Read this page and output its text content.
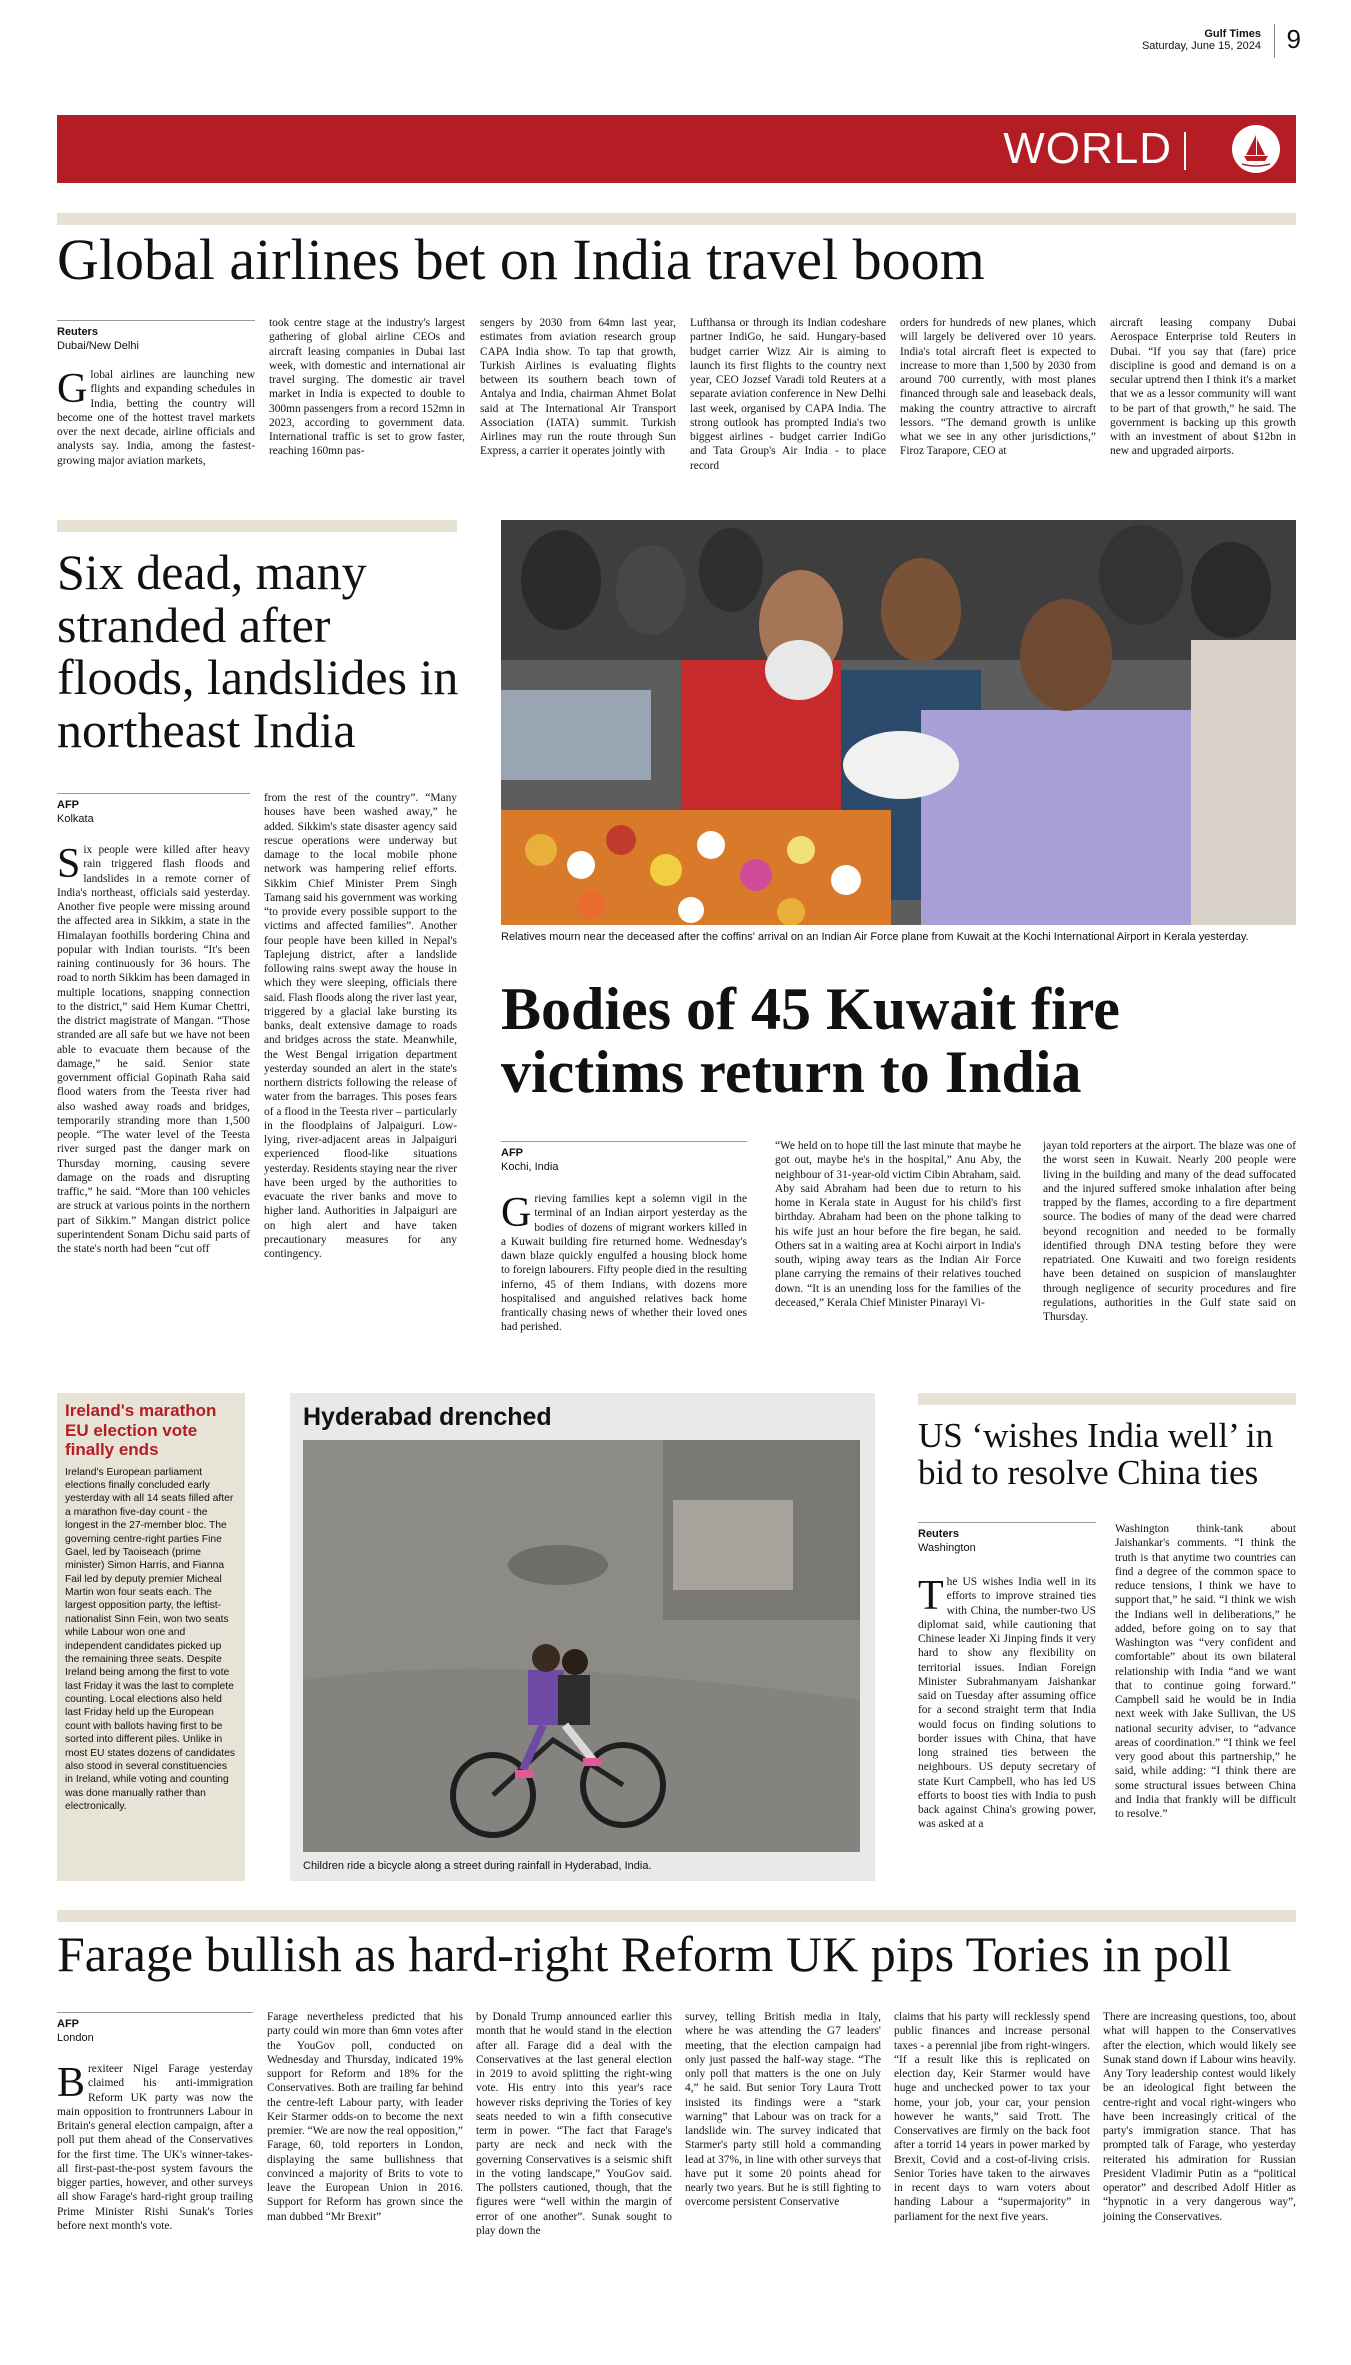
Gulf Times
Saturday, June 15, 2024 9
WORLD
Global airlines bet on India travel boom
Reuters
Dubai/New Delhi
Global airlines are launching new flights and expanding schedules in India, betting the country will become one of the hottest travel markets over the next decade, airline officials and analysts say. India, among the fastest-growing major aviation markets,
took centre stage at the industry's largest gathering of global airline CEOs and aircraft leasing companies in Dubai last week, with domestic and international air travel surging. The domestic air travel market in India is expected to double to 300mn passengers from a record 152mn in 2023, according to government data. International traffic is set to grow faster, reaching 160mn pas-
sengers by 2030 from 64mn last year, estimates from aviation research group CAPA India show. To tap that growth, Turkish Airlines is evaluating flights between its southern beach town of Antalya and India, chairman Ahmet Bolat said at The International Air Transport Association (IATA) summit. Turkish Airlines may run the route through Sun Express, a carrier it operates jointly with
Lufthansa or through its Indian codeshare partner IndiGo, he said. Hungary-based budget carrier Wizz Air is aiming to launch its first flights to the country next year, CEO Jozsef Varadi told Reuters at a separate aviation conference in New Delhi last week, organised by CAPA India. The strong outlook has prompted India's two biggest airlines - budget carrier IndiGo and Tata Group's Air India - to place record
orders for hundreds of new planes, which will largely be delivered over 10 years. India's total aircraft fleet is expected to increase to more than 1,500 by 2030 from around 700 currently, with most planes financed through sale and leaseback deals, making the country attractive to aircraft lessors. “The demand growth is unlike what we see in any other jurisdictions,” Firoz Tarapore, CEO at
aircraft leasing company Dubai Aerospace Enterprise told Reuters in Dubai. “If you say that (fare) price discipline is good and demand is on a secular uptrend then I think it's a market that we as a lessor community will want to be part of that growth,” he said. The government is backing up this growth with an investment of about $12bn in new and upgraded airports.
Six dead, many stranded after floods, landslides in northeast India
AFP
Kolkata
Six people were killed after heavy rain triggered flash floods and landslides in a remote corner of India's northeast, officials said yesterday. Another five people were missing around the affected area in Sikkim, a state in the Himalayan foothills bordering China and popular with Indian tourists. “It's been raining continuously for 36 hours. The road to north Sikkim has been damaged in multiple locations, snapping connection to the district,” said Hem Kumar Chettri, the district magistrate of Mangan. “Those stranded are all safe but we have not been able to evacuate them because of the damage,” he said. Senior state government official Gopinath Raha said flood waters from the Teesta river had also washed away roads and bridges, temporarily stranding more than 1,500 people. “The water level of the Teesta river surged past the danger mark on Thursday morning, causing severe damage on the roads and disrupting traffic,” he said. “More than 100 vehicles are struck at various points in the northern part of Sikkim.” Mangan district police superintendent Sonam Dichu said parts of the state's north had been “cut off
from the rest of the country”. “Many houses have been washed away,” he added. Sikkim's state disaster agency said rescue operations were underway but damage to the local mobile phone network was hampering relief efforts. Sikkim Chief Minister Prem Singh Tamang said his government was working “to provide every possible support to the victims and affected families”. Another four people have been killed in Nepal's Taplejung district, after a landslide following rains swept away the house in which they were sleeping, officials there said. Flash floods along the river last year, triggered by a glacial lake bursting its banks, dealt extensive damage to roads and bridges across the state. Meanwhile, the West Bengal irrigation department yesterday sounded an alert in the state's northern districts following the release of water from the barrages. This poses fears of a flood in the Teesta river – particularly in the floodplains of Jalpaiguri. Low-lying, river-adjacent areas in Jalpaiguri experienced flood-like situations yesterday. Residents staying near the river have been urged by the authorities to evacuate the river banks and move to higher land. Authorities in Jalpaiguri are on high alert and have taken precautionary measures for any contingency.
Relatives mourn near the deceased after the coffins' arrival on an Indian Air Force plane from Kuwait at the Kochi International Airport in Kerala yesterday.
Bodies of 45 Kuwait fire victims return to India
AFP
Kochi, India
Grieving families kept a solemn vigil in the terminal of an Indian airport yesterday as the bodies of dozens of migrant workers killed in a Kuwait building fire returned home. Wednesday's dawn blaze quickly engulfed a housing block home to foreign labourers. Fifty people died in the resulting inferno, 45 of them Indians, with dozens more hospitalised and anguished relatives back home frantically chasing news of whether their loved ones had perished.
“We held on to hope till the last minute that maybe he got out, maybe he's in the hospital,” Anu Aby, the neighbour of 31-year-old victim Cibin Abraham, said. Aby said Abraham had been due to return to his home in Kerala state in August for his child's first birthday. Abraham had been on the phone talking to his wife just an hour before the fire began, he said. Others sat in a waiting area at Kochi airport in India's south, wiping away tears as the Indian Air Force plane carrying the remains of their relatives touched down. “It is an unending loss for the families of the deceased,” Kerala Chief Minister Pinarayi Vi-
jayan told reporters at the airport. The blaze was one of the worst seen in Kuwait. Nearly 200 people were living in the building and many of the dead suffocated and the injured suffered smoke inhalation after being trapped by the flames, according to a fire department source. The bodies of many of the dead were charred beyond recognition and needed to be formally identified through DNA testing before they were repatriated. One Kuwaiti and two foreign residents have been detained on suspicion of manslaughter through negligence of security procedures and fire regulations, authorities in the Gulf state said on Thursday.
Ireland's marathon EU election vote finally ends
Ireland's European parliament elections finally concluded early yesterday with all 14 seats filled after a marathon five-day count - the longest in the 27-member bloc. The governing centre-right parties Fine Gael, led by Taoiseach (prime minister) Simon Harris, and Fianna Fail led by deputy premier Micheal Martin won four seats each. The largest opposition party, the leftist-nationalist Sinn Fein, won two seats while Labour won one and independent candidates picked up the remaining three seats. Despite Ireland being among the first to vote last Friday it was the last to complete counting. Local elections also held last Friday held up the European count with ballots having first to be sorted into different piles. Unlike in most EU states dozens of candidates also stood in several constituencies in Ireland, while voting and counting was done manually rather than electronically.
Hyderabad drenched
Children ride a bicycle along a street during rainfall in Hyderabad, India.
US ‘wishes India well’ in bid to resolve China ties
Reuters
Washington
The US wishes India well in its efforts to improve strained ties with China, the number-two US diplomat said, while cautioning that Chinese leader Xi Jinping finds it very hard to show any flexibility on territorial issues. Indian Foreign Minister Subrahmanyam Jaishankar said on Tuesday after assuming office for a second straight term that India would focus on finding solutions to border issues with China, that have long strained ties between the neighbours. US deputy secretary of state Kurt Campbell, who has led US efforts to boost ties with India to push back against China's growing power, was asked at a
Washington think-tank about Jaishankar's comments. “I think the truth is that anytime two countries can find a degree of the common space to reduce tensions, I think we have to support that,” he said. “I think we wish the Indians well in deliberations,” he added, before going on to say that Washington was “very confident and comfortable” about its own bilateral relationship with India “and we want that to continue going forward.” Campbell said he would be in India next week with Jake Sullivan, the US national security adviser, to “advance areas of coordination.” “I think we feel very good about this partnership,” he said, while adding: “I think there are some structural issues between China and India that frankly will be difficult to resolve.”
Farage bullish as hard-right Reform UK pips Tories in poll
AFP
London
Brexiteer Nigel Farage yesterday claimed his anti-immigration Reform UK party was now the main opposition to frontrunners Labour in Britain's general election campaign, after a poll put them ahead of the Conservatives for the first time. The UK's winner-takes-all first-past-the-post system favours the bigger parties, however, and other surveys all show Farage's hard-right group trailing Prime Minister Rishi Sunak's Tories before next month's vote.
Farage nevertheless predicted that his party could win more than 6mn votes after the YouGov poll, conducted on Wednesday and Thursday, indicated 19% support for Reform and 18% for the Conservatives. Both are trailing far behind the centre-left Labour party, with leader Keir Starmer odds-on to become the next premier. “We are now the real opposition,” Farage, 60, told reporters in London, displaying the same bullishness that convinced a majority of Brits to vote to leave the European Union in 2016. Support for Reform has grown since the man dubbed “Mr Brexit”
by Donald Trump announced earlier this month that he would stand in the election after all. Farage did a deal with the Conservatives at the last general election in 2019 to avoid splitting the right-wing vote. His entry into this year's race however risks depriving the Tories of key seats needed to win a fifth consecutive term in power. “The fact that Farage's party are neck and neck with the governing Conservatives is a seismic shift in the voting landscape,” YouGov said. The pollsters cautioned, though, that the figures were “well within the margin of error of one another”. Sunak sought to play down the
survey, telling British media in Italy, where he was attending the G7 leaders' meeting, that the election campaign had only just passed the half-way stage. “The only poll that matters is the one on July 4,” he said. But senior Tory Laura Trott insisted its findings were a “stark warning” that Labour was on track for a landslide win. The survey indicated that Starmer's party still hold a commanding lead at 37%, in line with other surveys that have put it some 20 points ahead for nearly two years. But he is still fighting to overcome persistent Conservative
claims that his party will recklessly spend public finances and increase personal taxes - a perennial jibe from right-wingers. “If a result like this is replicated on election day, Keir Starmer would have huge and unchecked power to tax your home, your job, your car, your pension however he wants,” said Trott. The Conservatives are firmly on the back foot after a torrid 14 years in power marked by Brexit, Covid and a cost-of-living crisis. Senior Tories have taken to the airwaves in recent days to warn voters about handing Labour a “supermajority” in parliament for the next five years.
There are increasing questions, too, about what will happen to the Conservatives after the election, which would likely see Sunak stand down if Labour wins heavily. Any Tory leadership contest would likely be an ideological fight between the centre-right and vocal right-wingers who have been increasingly critical of the party's immigration stance. That has prompted talk of Farage, who yesterday reiterated his admiration for Russian President Vladimir Putin as a “political operator” and described Adolf Hitler as “hypnotic in a very dangerous way”, joining the Conservatives.
